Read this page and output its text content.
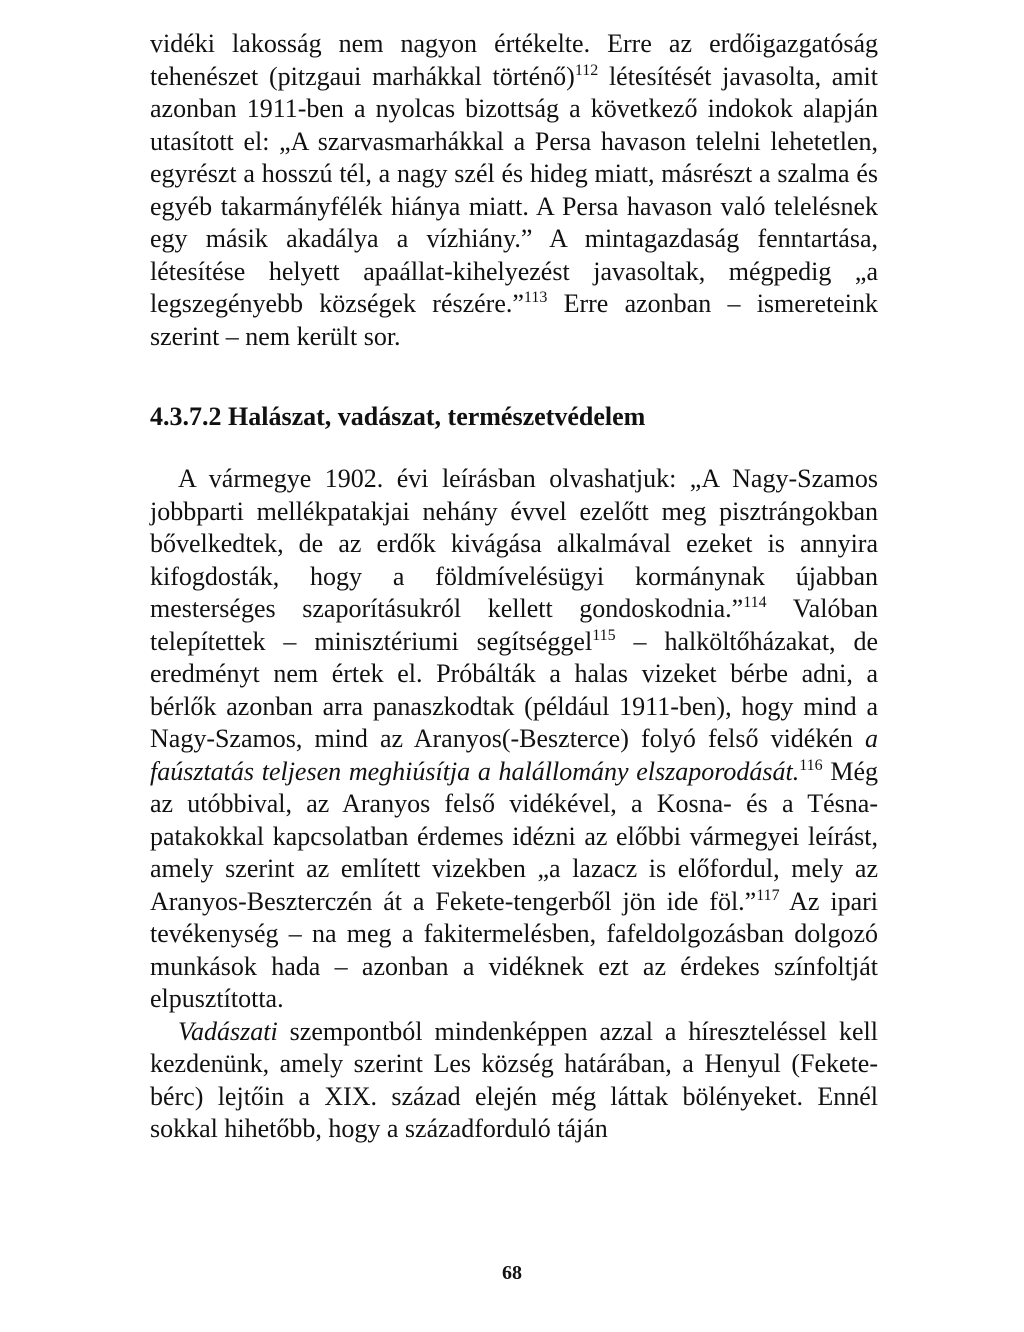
vidéki lakosság nem nagyon értékelte. Erre az erdőigazgatóság tehenészet (pitzgaui marhákkal történő)$^{112}$ létesítését javasolta, amit azonban 1911-ben a nyolcas bizottság a következő indokok alapján utasított el: „A szarvasmarhákkal a Persa havason telelni lehetetlen, egyrészt a hosszú tél, a nagy szél és hideg miatt, másrészt a szalma és egyéb takarmányfélék hiánya miatt. A Persa havason való telelésnek egy másik akadálya a vízhiány.” A mintagazdaság fenntartása, létesítése helyett apaállat-kihelyezést javasoltak, mégpedig „a legszegényebb községek részére.”$^{113}$ Erre azonban – ismereteink szerint – nem került sor.

4.3.7.2 Halászat, vadászat, természetvédelem

A vármegye 1902. évi leírásban olvashatjuk: „A Nagy-Szamos jobbparti mellékpatakjai nehány évvel ezelőtt meg pisztrángokban bővelkedtek, de az erdők kivágása alkalmával ezeket is annyira kifogdosták, hogy a földmívelésügyi kormánynak újabban mesterséges szaporításukról kellett gondoskodnia.”$^{114}$ Valóban telepítettek – minisztériumi segítséggel$^{115}$ – halköltőházakat, de eredményt nem értek el. Próbálták a halas vizeket bérbe adni, a bérlők azonban arra panaszkodtak (például 1911-ben), hogy mind a Nagy-Szamos, mind az Aranyos(-Beszterce) folyó felső vidékén a faúsztatás teljesen meghiúsítja a halállomány elszaporodását.$^{116}$ Még az utóbbival, az Aranyos felső vidékével, a Kosna- és a Tésna-patakokkal kapcsolatban érdemes idézni az előbbi vármegyei leírást, amely szerint az említett vizekben „a lazacz is előfordul, mely az Aranyos-Beszterczén át a Fekete-tengerből jön ide föl.”$^{117}$ Az ipari tevékenység – na meg a fakitermelésben, fafeldolgozásban dolgozó munkások hada – azonban a vidéknek ezt az érdekes színfoltját elpusztította.

Vadászati szempontból mindenképpen azzal a híreszteléssel kell kezdenünk, amely szerint Les község határában, a Henyul (Fekete-bérc) lejtőin a XIX. század elején még láttak bölényeket. Ennél sokkal hihetőbb, hogy a századforduló táján

68
